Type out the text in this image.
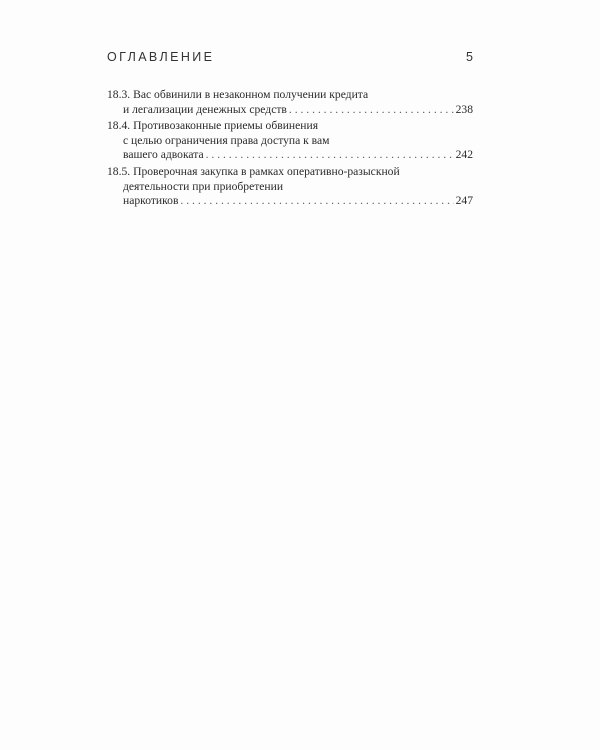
ОГЛАВЛЕНИЕ	5
18.3. Вас обвинили в незаконном получении кредита
и легализации денежных средств . . .	238
18.4. Противозаконные приемы обвинения
с целью ограничения права доступа к вам
вашего адвоката . . .	242
18.5. Проверочная закупка в рамках оперативно-разыскной
деятельности при приобретении
наркотиков . . .	247
